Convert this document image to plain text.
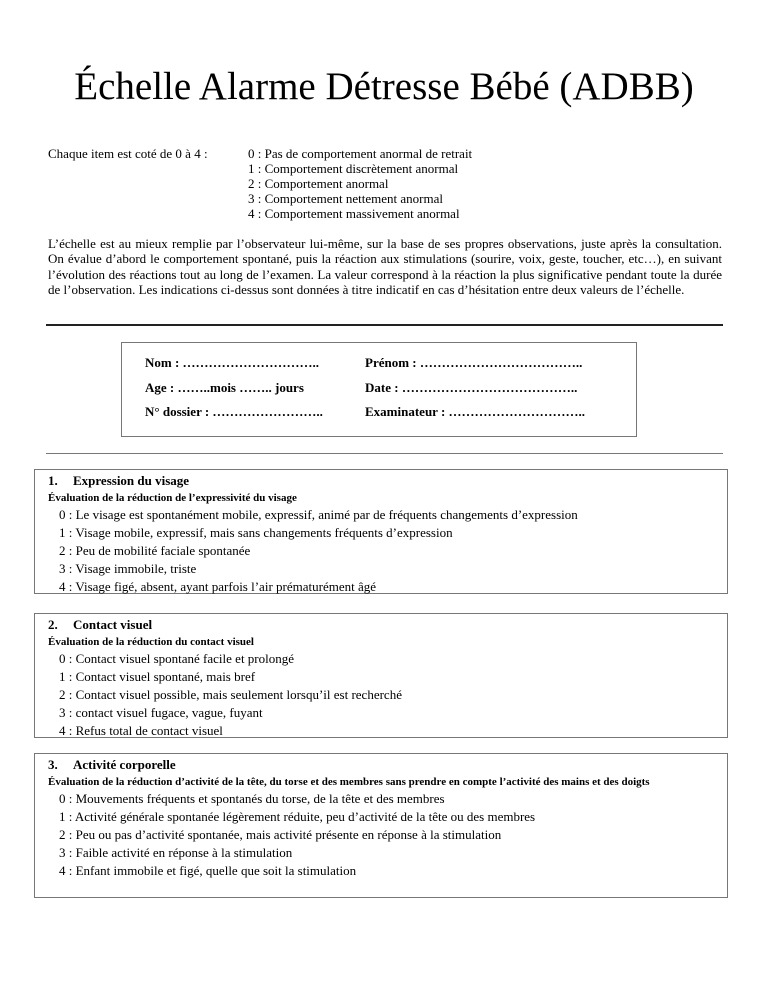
Échelle Alarme Détresse Bébé (ADBB)
Chaque item est coté de 0 à 4 :	0 : Pas de comportement anormal de retrait
1 : Comportement discrètement anormal
2 : Comportement anormal
3 : Comportement nettement anormal
4 : Comportement massivement anormal
L’échelle est au mieux remplie par l’observateur lui-même, sur la base de ses propres observations, juste après la consultation. On évalue d’abord le comportement spontané, puis la réaction aux stimulations (sourire, voix, geste, toucher, etc…), en suivant l’évolution des réactions tout au long de l’examen. La valeur correspond à la réaction la plus significative pendant toute la durée de l’observation. Les indications ci-dessus sont données à titre indicatif en cas d’hésitation entre deux valeurs de l’échelle.
Nom : …………………………..	Prénom : ………………………………..
Age : ……..mois …….. jours	Date : …………………………………..
N° dossier : ……………………..	Examinateur : …………………………..
1. Expression du visage
Évaluation de la réduction de l’expressivité du visage
0 : Le visage est spontanément mobile, expressif, animé par de fréquents changements d’expression
1 : Visage mobile, expressif, mais sans changements fréquents d’expression
2 : Peu de mobilité faciale spontanée
3 : Visage immobile, triste
4 : Visage figé, absent, ayant parfois l’air prématurément âgé
2. Contact visuel
Évaluation de la réduction du contact visuel
0 : Contact visuel spontané facile et prolongé
1 : Contact visuel spontané, mais bref
2 : Contact visuel possible, mais seulement lorsqu’il est recherché
3 : contact visuel fugace, vague, fuyant
4 : Refus total de contact visuel
3. Activité corporelle
Évaluation de la réduction d’activité de la tête, du torse et des membres sans prendre en compte l’activité des mains et des doigts
0 : Mouvements fréquents et spontanés du torse, de la tête et des membres
1 : Activité générale spontanée légèrement réduite, peu d’activité de la tête ou des membres
2 : Peu ou pas d’activité spontanée, mais activité présente en réponse à la stimulation
3 : Faible activité en réponse à la stimulation
4 : Enfant immobile et figé, quelle que soit la stimulation
